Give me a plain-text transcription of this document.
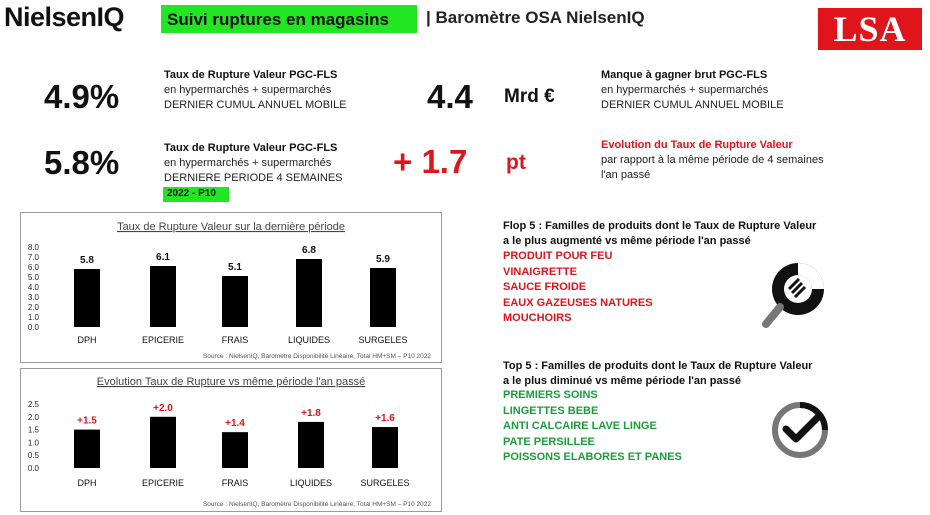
NielsenIQ	Suivi ruptures en magasins	| Baromètre OSA NielsenIQ	LSA
4.9%
Taux de Rupture Valeur PGC-FLS
en hypermarchés + supermarchés
DERNIER CUMUL ANNUEL MOBILE 4.4 Mrd €
Manque à gagner brut PGC-FLS
en hypermarchés + supermarchés
DERNIER CUMUL ANNUEL MOBILE
5.8%	Taux de Rupture Valeur PGC-FLS
en hypermarchés + supermarchés
DERNIERE PERIODE 4 SEMAINES
2022 - P10
+ 1.7 pt
Evolution du Taux de Rupture Valeur
par rapport à la même période de 4 semaines
l'an passé
Taux de Rupture Valeur sur la dernière période
0.0
1.0
2.0
3.0
4.0
5.0
6.0
7.0
8.0
5.8
DPH
6.1
EPICERIE
5.1
FRAIS
6.8
LIQUIDES
5.9
SURGELES
Source : NielsenIQ, Baromètre Disponibilité Linéaire, Total HM+SM – P10 2022
Evolution Taux de Rupture vs même période l'an passé
0.0
0.5
1.0
1.5
2.0
2.5
+1.5
DPH
+2.0
EPICERIE
+1.4
FRAIS
+1.8
LIQUIDES
+1.6
SURGELES
Source : NielsenIQ, Baromètre Disponibilité Linéaire, Total HM+SM – P10 2022
Flop 5 : Familles de produits dont le Taux de Rupture Valeur
a le plus augmenté vs même période l'an passé
PRODUIT POUR FEU
VINAIGRETTE
SAUCE FROIDE
EAUX GAZEUSES NATURES
MOUCHOIRS
Top 5 : Familles de produits dont le Taux de Rupture Valeur
a le plus diminué vs même période l'an passé
PREMIERS SOINS
LINGETTES BEBE
ANTI CALCAIRE LAVE LINGE
PATE PERSILLEE
POISSONS ELABORES ET PANES
